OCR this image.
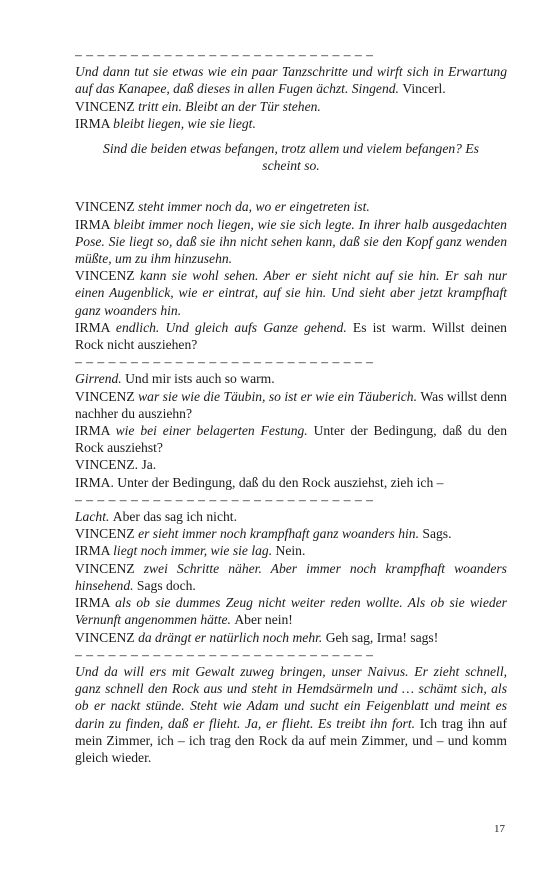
– – – – – – – – – – – – – – – – – – – – – – – – – – –

Und dann tut sie etwas wie ein paar Tanzschritte und wirft sich in Erwartung auf das Kanapee, daß dieses in allen Fugen ächzt. Singend. Vincerl.

VINCENZ tritt ein. Bleibt an der Tür stehen.

IRMA bleibt liegen, wie sie liegt.

Sind die beiden etwas befangen, trotz allem und vielem befangen? Es scheint so.

VINCENZ steht immer noch da, wo er eingetreten ist.

IRMA bleibt immer noch liegen, wie sie sich legte. In ihrer halb ausgedachten Pose. Sie liegt so, daß sie ihn nicht sehen kann, daß sie den Kopf ganz wenden müßte, um zu ihm hinzusehn.

VINCENZ kann sie wohl sehen. Aber er sieht nicht auf sie hin. Er sah nur einen Augenblick, wie er eintrat, auf sie hin. Und sieht aber jetzt krampfhaft ganz woanders hin.

IRMA endlich. Und gleich aufs Ganze gehend. Es ist warm. Willst deinen Rock nicht ausziehen?

– – – – – – – – – – – – – – – – – – – – – – – – – – –

Girrend. Und mir ists auch so warm.

VINCENZ war sie wie die Täubin, so ist er wie ein Täuberich. Was willst denn nachher du ausziehn?

IRMA wie bei einer belagerten Festung. Unter der Bedingung, daß du den Rock ausziehst?

VINCENZ. Ja.

IRMA. Unter der Bedingung, daß du den Rock ausziehst, zieh ich –

– – – – – – – – – – – – – – – – – – – – – – – – – – –

Lacht. Aber das sag ich nicht.

VINCENZ er sieht immer noch krampfhaft ganz woanders hin. Sags.

IRMA liegt noch immer, wie sie lag. Nein.

VINCENZ zwei Schritte näher. Aber immer noch krampfhaft woanders hinsehend. Sags doch.

IRMA als ob sie dummes Zeug nicht weiter reden wollte. Als ob sie wieder Vernunft angenommen hätte. Aber nein!

VINCENZ da drängt er natürlich noch mehr. Geh sag, Irma! sags!

– – – – – – – – – – – – – – – – – – – – – – – – – – –

Und da will ers mit Gewalt zuweg bringen, unser Naivus. Er zieht schnell, ganz schnell den Rock aus und steht in Hemdsärmeln und … schämt sich, als ob er nackt stünde. Steht wie Adam und sucht ein Feigenblatt und meint es darin zu finden, daß er flieht. Ja, er flieht. Es treibt ihn fort. Ich trag ihn auf mein Zimmer, ich – ich trag den Rock da auf mein Zimmer, und – und komm gleich wieder.

17
